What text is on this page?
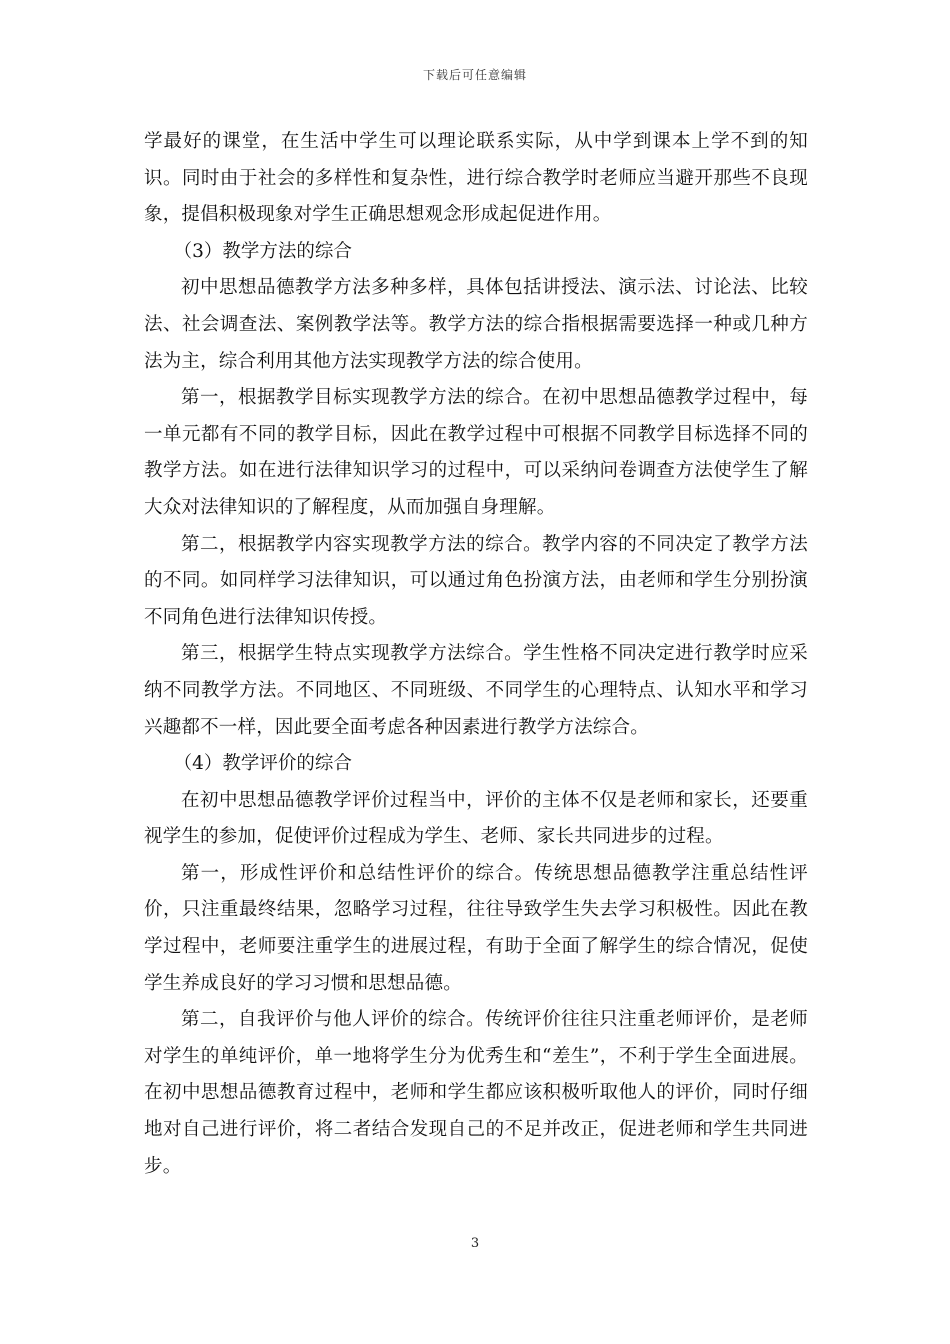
下载后可任意编辑

学最好的课堂，在生活中学生可以理论联系实际，从中学到课本上学不到的知识。同时由于社会的多样性和复杂性，进行综合教学时老师应当避开那些不良现象，提倡积极现象对学生正确思想观念形成起促进作用。

（3）教学方法的综合

初中思想品德教学方法多种多样，具体包括讲授法、演示法、讨论法、比较法、社会调查法、案例教学法等。教学方法的综合指根据需要选择一种或几种方法为主，综合利用其他方法实现教学方法的综合使用。

第一，根据教学目标实现教学方法的综合。在初中思想品德教学过程中，每一单元都有不同的教学目标，因此在教学过程中可根据不同教学目标选择不同的教学方法。如在进行法律知识学习的过程中，可以采纳问卷调查方法使学生了解大众对法律知识的了解程度，从而加强自身理解。

第二，根据教学内容实现教学方法的综合。教学内容的不同决定了教学方法的不同。如同样学习法律知识，可以通过角色扮演方法，由老师和学生分别扮演不同角色进行法律知识传授。

第三，根据学生特点实现教学方法综合。学生性格不同决定进行教学时应采纳不同教学方法。不同地区、不同班级、不同学生的心理特点、认知水平和学习兴趣都不一样，因此要全面考虑各种因素进行教学方法综合。

（4）教学评价的综合

在初中思想品德教学评价过程当中，评价的主体不仅是老师和家长，还要重视学生的参加，促使评价过程成为学生、老师、家长共同进步的过程。

第一，形成性评价和总结性评价的综合。传统思想品德教学注重总结性评价，只注重最终结果，忽略学习过程，往往导致学生失去学习积极性。因此在教学过程中，老师要注重学生的进展过程，有助于全面了解学生的综合情况，促使学生养成良好的学习习惯和思想品德。

第二，自我评价与他人评价的综合。传统评价往往只注重老师评价，是老师对学生的单纯评价，单一地将学生分为优秀生和“差生”，不利于学生全面进展。在初中思想品德教育过程中，老师和学生都应该积极听取他人的评价，同时仔细地对自己进行评价，将二者结合发现自己的不足并改正，促进老师和学生共同进步。

3
